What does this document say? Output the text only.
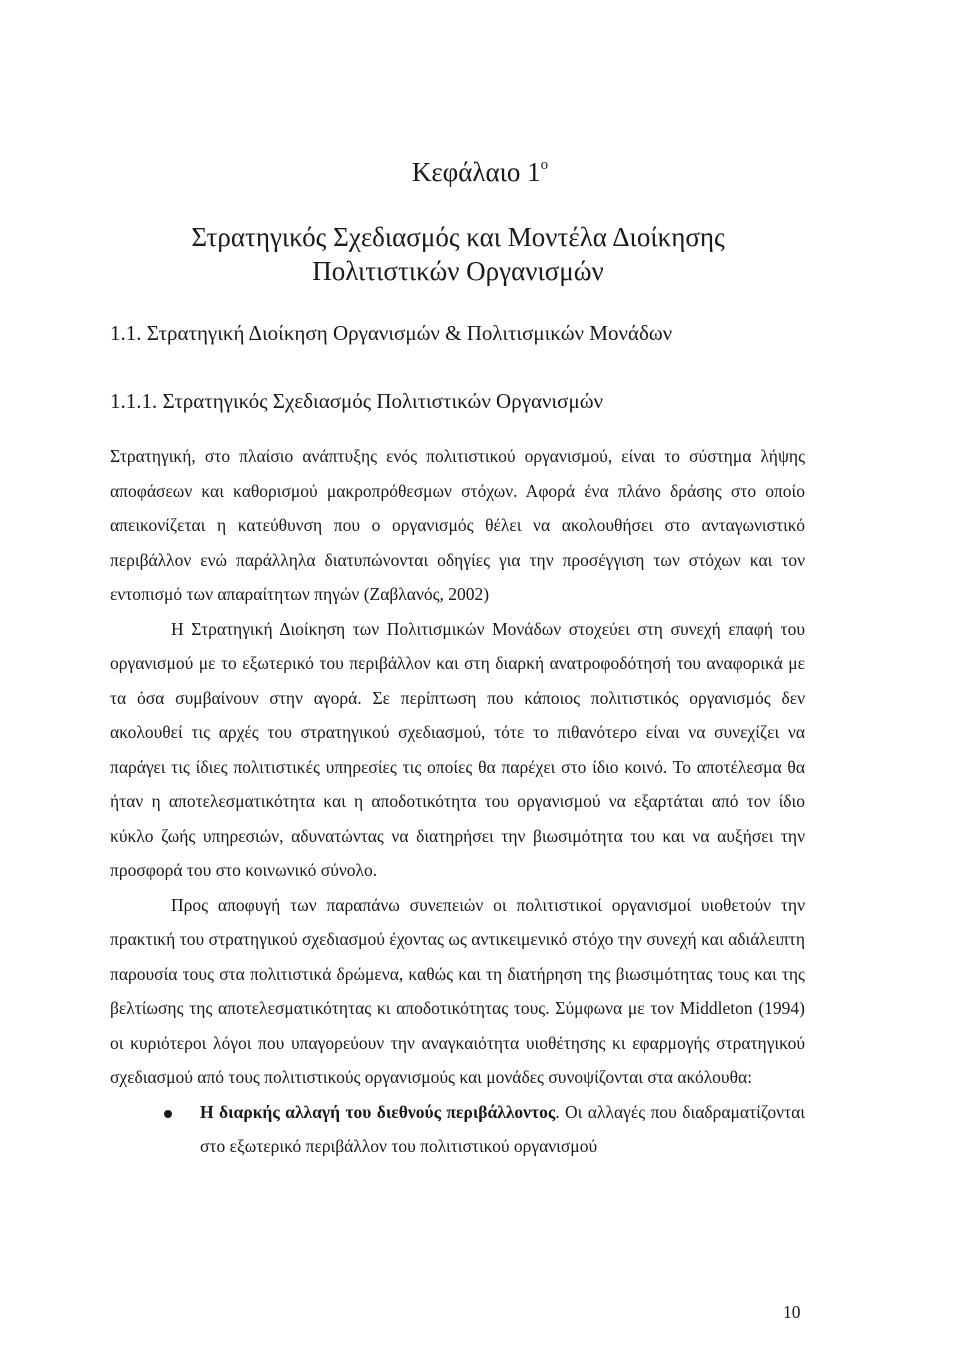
Κεφάλαιο $1^o$
Στρατηγικός Σχεδιασμός και Μοντέλα Διοίκησης
Πολιτιστικών Οργανισμών
1.1. Στρατηγική Διοίκηση Οργανισμών & Πολιτισμικών Μονάδων
1.1.1. Στρατηγικός Σχεδιασμός Πολιτιστικών Οργανισμών

Στρατηγική, στο πλαίσιο ανάπτυξης ενός πολιτιστικού οργανισμού, είναι το σύστημα λήψης αποφάσεων και καθορισμού μακροπρόθεσμων στόχων. Αφορά ένα πλάνο δράσης στο οποίο απεικονίζεται η κατεύθυνση που ο οργανισμός θέλει να ακολουθήσει στο ανταγωνιστικό περιβάλλον ενώ παράλληλα διατυπώνονται οδηγίες για την προσέγγιση των στόχων και τον εντοπισμό των απαραίτητων πηγών (Ζαβλανός, 2002)

Η Στρατηγική Διοίκηση των Πολιτισμικών Μονάδων στοχεύει στη συνεχή επαφή του οργανισμού με το εξωτερικό του περιβάλλον και στη διαρκή ανατροφοδότησή του αναφορικά με τα όσα συμβαίνουν στην αγορά. Σε περίπτωση που κάποιος πολιτιστικός οργανισμός δεν ακολουθεί τις αρχές του στρατηγικού σχεδιασμού, τότε το πιθανότερο είναι να συνεχίζει να παράγει τις ίδιες πολιτιστικές υπηρεσίες τις οποίες θα παρέχει στο ίδιο κοινό. Το αποτέλεσμα θα ήταν η αποτελεσματικότητα και η αποδοτικότητα του οργανισμού να εξαρτάται από τον ίδιο κύκλο ζωής υπηρεσιών, αδυνατώντας να διατηρήσει την βιωσιμότητα του και να αυξήσει την προσφορά του στο κοινωνικό σύνολο.

Προς αποφυγή των παραπάνω συνεπειών οι πολιτιστικοί οργανισμοί υιοθετούν την πρακτική του στρατηγικού σχεδιασμού έχοντας ως αντικειμενικό στόχο την συνεχή και αδιάλειπτη παρουσία τους στα πολιτιστικά δρώμενα, καθώς και τη διατήρηση της βιωσιμότητας τους και της βελτίωσης της αποτελεσματικότητας κι αποδοτικότητας τους. Σύμφωνα με τον Middleton (1994) οι κυριότεροι λόγοι που υπαγορεύουν την αναγκαιότητα υιοθέτησης κι εφαρμογής στρατηγικού σχεδιασμού από τους πολιτιστικούς οργανισμούς και μονάδες συνοψίζονται στα ακόλουθα:

Η διαρκής αλλαγή του διεθνούς περιβάλλοντος. Οι αλλαγές που διαδραματίζονται στο εξωτερικό περιβάλλον του πολιτιστικού οργανισμού
10
